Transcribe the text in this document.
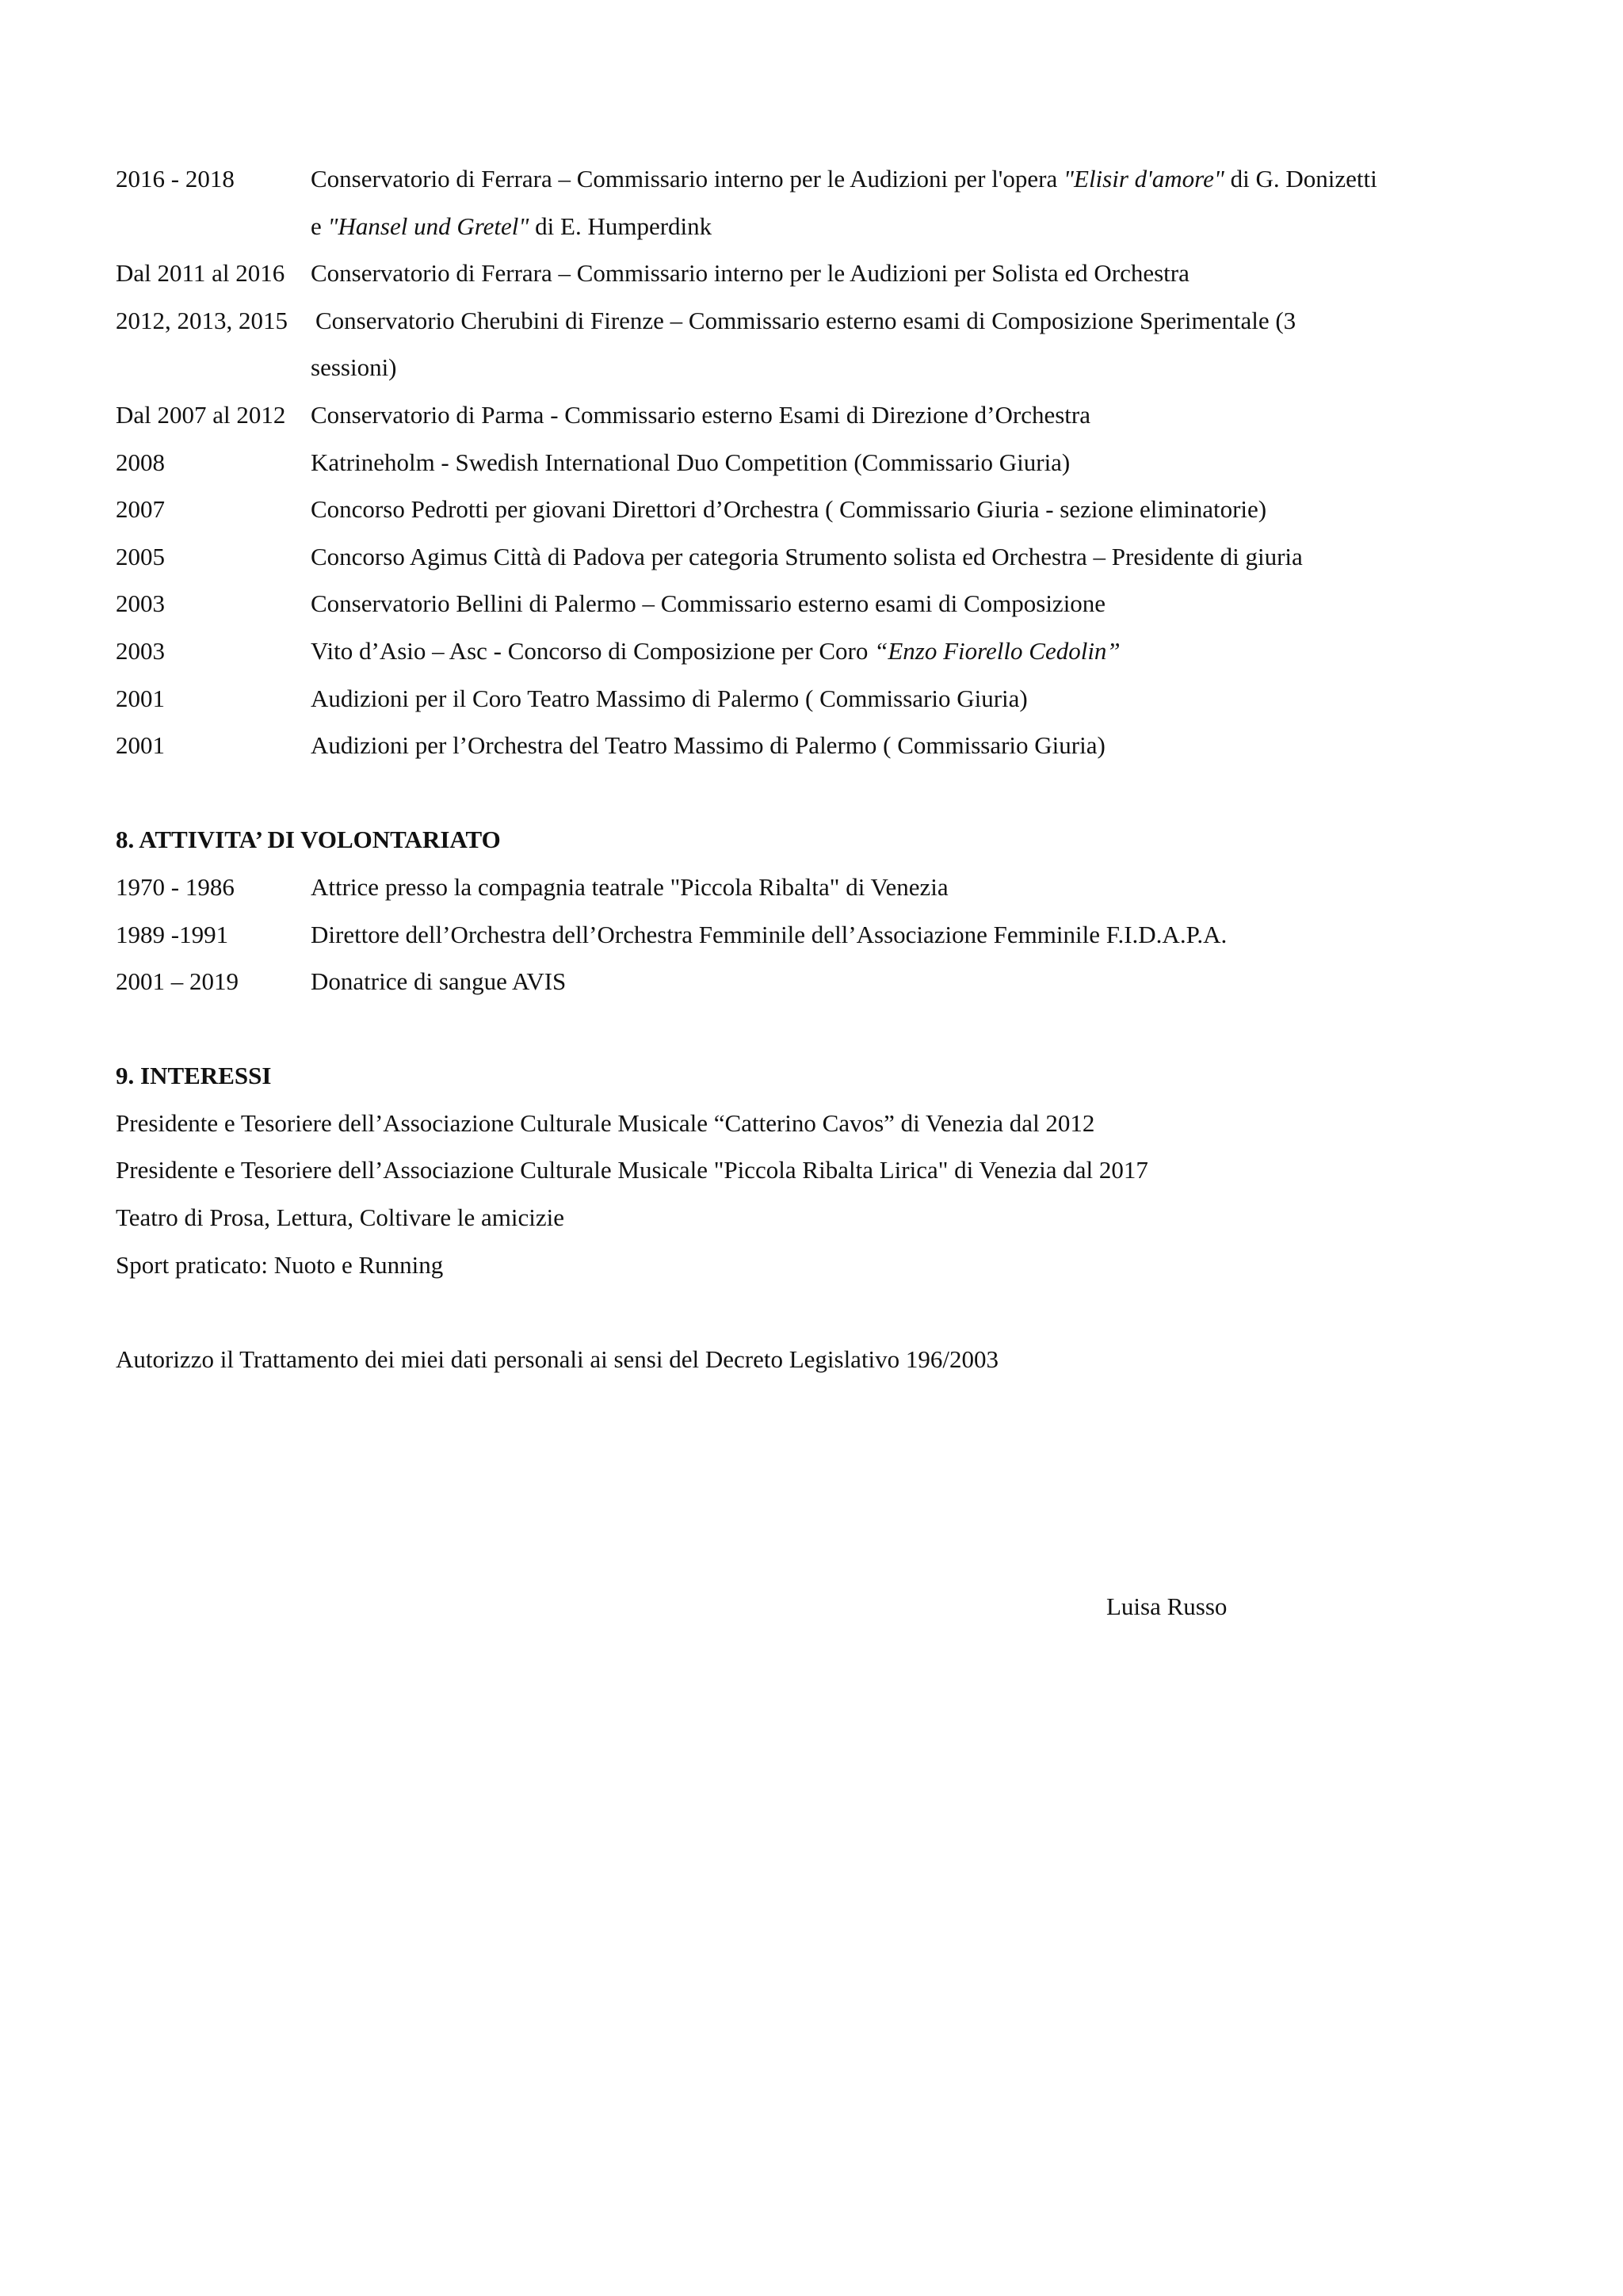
2016 - 2018	Conservatorio di Ferrara – Commissario interno per le Audizioni per l'opera "Elisir d'amore" di G. Donizetti
e "Hansel und Gretel" di E. Humperdink
Dal 2011 al 2016	Conservatorio di Ferrara – Commissario interno per le Audizioni per Solista ed Orchestra
2012, 2013, 2015	Conservatorio Cherubini di Firenze – Commissario esterno esami di Composizione Sperimentale (3
sessioni)
Dal 2007 al 2012	Conservatorio di Parma - Commissario esterno Esami di Direzione d’Orchestra
2008	Katrineholm - Swedish International Duo Competition (Commissario Giuria)
2007	Concorso Pedrotti per giovani Direttori d’Orchestra ( Commissario Giuria - sezione eliminatorie)
2005	Concorso Agimus Città di Padova per categoria Strumento solista ed Orchestra – Presidente di giuria
2003	Conservatorio Bellini di Palermo – Commissario esterno esami di Composizione
2003	Vito d’Asio – Asc - Concorso di Composizione per Coro “Enzo Fiorello Cedolin”
2001	Audizioni per il Coro Teatro Massimo di Palermo ( Commissario Giuria)
2001	Audizioni per l’Orchestra del Teatro Massimo di Palermo ( Commissario Giuria)
8. ATTIVITA’ DI VOLONTARIATO
1970 - 1986	Attrice presso la compagnia teatrale "Piccola Ribalta" di Venezia
1989 -1991	Direttore dell’Orchestra dell’Orchestra Femminile dell’Associazione Femminile F.I.D.A.P.A.
2001 – 2019	Donatrice di sangue AVIS
9. INTERESSI
Presidente e Tesoriere dell’Associazione Culturale Musicale “Catterino Cavos” di Venezia dal 2012
Presidente e Tesoriere dell’Associazione Culturale Musicale "Piccola Ribalta Lirica" di Venezia dal 2017
Teatro di Prosa, Lettura, Coltivare le amicizie
Sport praticato: Nuoto e Running
Autorizzo il Trattamento dei miei dati personali ai sensi del Decreto Legislativo 196/2003
Luisa Russo
